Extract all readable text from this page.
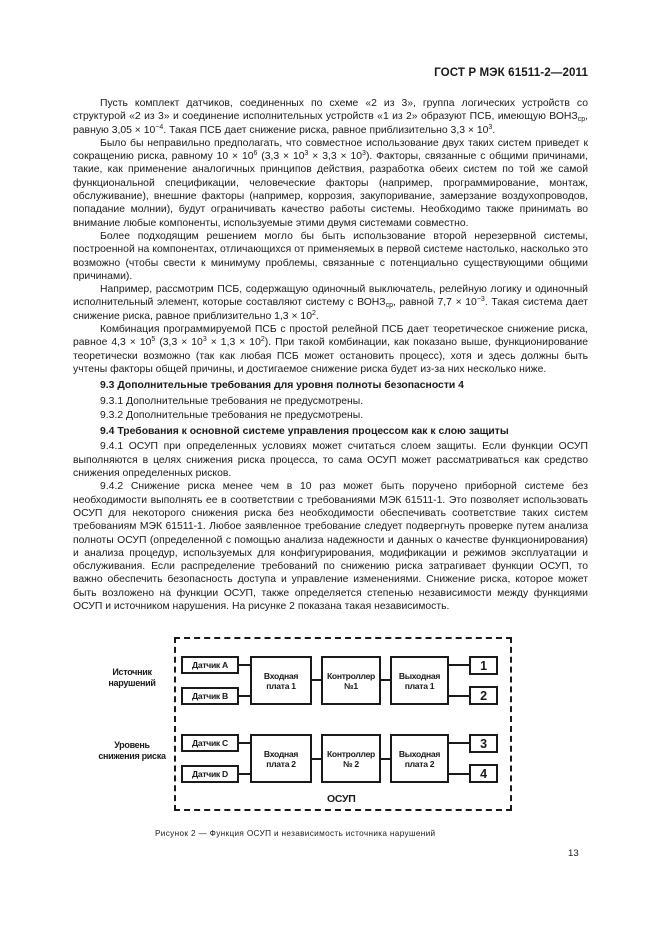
ГОСТ Р МЭК 61511-2—2011

Пусть комплект датчиков, соединенных по схеме «2 из 3», группа логических устройств со структурой «2 из 3» и соединение исполнительных устройств «1 из 2» образуют ПСБ, имеющую $ВОНЗ_{ср}$, равную $3,05 \times 10^{-4}$. Такая ПСБ дает снижение риска, равное приблизительно $3,3 \times 10^3$.

Было бы неправильно предполагать, что совместное использование двух таких систем приведет к сокращению риска, равному $10 \times 10^6$ $(3,3 \times 10^3 \times 3,3 \times 10^3)$. Факторы, связанные с общими причинами, такие, как применение аналогичных принципов действия, разработка обеих систем по той же самой функциональной спецификации, человеческие факторы (например, программирование, монтаж, обслуживание), внешние факторы (например, коррозия, закупоривание, замерзание воздухопроводов, попадание молнии), будут ограничивать качество работы системы. Необходимо также принимать во внимание любые компоненты, используемые этими двумя системами совместно.

Более подходящим решением могло бы быть использование второй нерезервной системы, построенной на компонентах, отличающихся от применяемых в первой системе настолько, насколько это возможно (чтобы свести к минимуму проблемы, связанные с потенциально существующими общими причинами).

Например, рассмотрим ПСБ, содержащую одиночный выключатель, релейную логику и одиночный исполнительный элемент, которые составляют систему с $ВОНЗ_{ср}$, равной $7,7 \times 10^{-3}$. Такая система дает снижение риска, равное приблизительно $1,3 \times 10^2$.

Комбинация программируемой ПСБ с простой релейной ПСБ дает теоретическое снижение риска, равное $4,3 \times 10^5$ $(3,3 \times 10^3 \times 1,3 \times 10^2)$. При такой комбинации, как показано выше, функционирование теоретически возможно (так как любая ПСБ может остановить процесс), хотя и здесь должны быть учтены факторы общей причины, и достигаемое снижение риска будет из-за них несколько ниже.

9.3 Дополнительные требования для уровня полноты безопасности 4

9.3.1 Дополнительные требования не предусмотрены.

9.3.2 Дополнительные требования не предусмотрены.

9.4 Требования к основной системе управления процессом как к слою защиты

9.4.1 ОСУП при определенных условиях может считаться слоем защиты. Если функции ОСУП выполняются в целях снижения риска процесса, то сама ОСУП может рассматриваться как средство снижения определенных рисков.

9.4.2 Снижение риска менее чем в 10 раз может быть поручено приборной системе без необходимости выполнять ее в соответствии с требованиями МЭК 61511-1. Это позволяет использовать ОСУП для некоторого снижения риска без необходимости обеспечивать соответствие таких систем требованиям МЭК 61511-1. Любое заявленное требование следует подвергнуть проверке путем анализа полноты ОСУП (определенной с помощью анализа надежности и данных о качестве функционирования) и анализа процедур, используемых для конфигурирования, модификации и режимов эксплуатации и обслуживания. Если распределение требований по снижению риска затрагивает функции ОСУП, то важно обеспечить безопасность доступа и управление изменениями. Снижение риска, которое может быть возложено на функции ОСУП, также определяется степенью независимости между функциями ОСУП и источником нарушения. На рисунке 2 показана такая независимость.

Источник нарушений
Уровень снижения риска
Датчик A
Датчик B
Входная плата 1
Контроллер №1
Выходная плата 1
1
2
Датчик C
Датчик D
Входная плата 2
Контроллер № 2
Выходная плата 2
3
4
ОСУП
Рисунок 2 — Функция ОСУП и независимость источника нарушений
13
